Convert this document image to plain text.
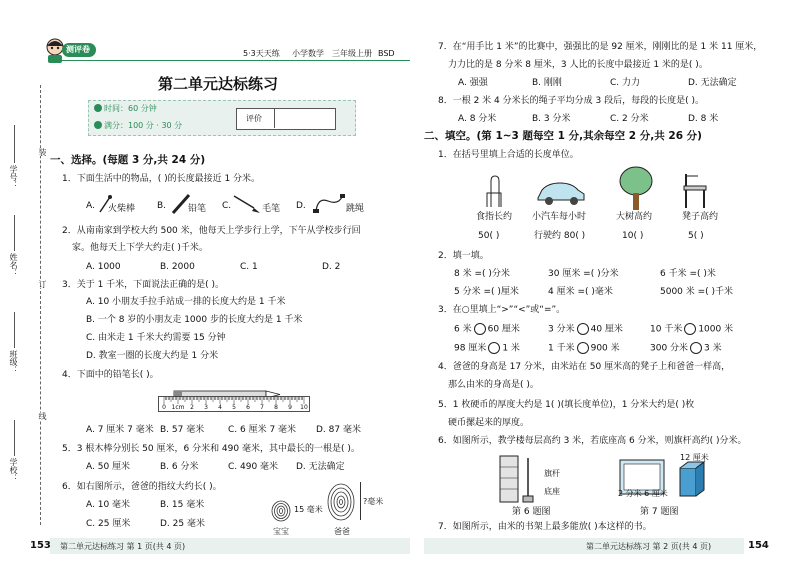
学校：
班级：
姓名：
学号：
装
订
线
测评卷	5·3天天练 小学数学 三年级上册 BSD
第二单元达标练习
时间：60 分钟
满分：100 分 · 30 分
评价
一、选择。(每题 3 分,共 24 分)
1．下面生活中的物品，( )的长度最接近 1 分米。
A. 火柴棒 B. 铅笔 C.	毛笔 D.	跳绳
2．从南南家到学校大约 500 米，他每天上学步行上学，下午从学校步行回
家。他每天上下学大约走( )千米。
A. 1000	B. 2000	C. 1	D. 2
3．关于 1 千米，下面说法正确的是( )。
A. 10 小朋友手拉手站成一排的长度大约是 1 千米
B. 一个 8 岁的小朋友走 1000 步的长度大约是 1 千米
C. 由米走 1 千米大约需要 15 分钟
D. 教室一圈的长度大约是 1 分米
4．下面中的铅笔长( )。
0 1cm 2 3 4 5 6 7 8 9 10
A. 7 厘米 7 毫米 B. 57 毫米	C. 6 厘米 7 毫米 D. 87 毫米
5．3 根木棒分别长 50 厘米，6 分米和 490 毫米，其中最长的一根是( )。
A. 50 厘米	B. 6 分米	C. 490 毫米 D. 无法确定
6．如右图所示，爸爸的指纹大约长( )。
A. 10 毫米	B. 15 毫米
C. 25 厘米	D. 25 毫米
15 毫米
宝宝
?毫米
爸爸
153 第二单元达标练习 第 1 页(共 4 页)
7．在“用手比 1 米”的比赛中，强强比的是 92 厘米，刚刚比的是 1 米 11 厘米，
力力比的是 8 分米 8 厘米，3 人比的长度中最接近 1 米的是( )。
A. 强强	B. 刚刚	C. 力力	D. 无法确定
8．一根 2 米 4 分米长的绳子平均分成 3 段后，每段的长度是( )。
A. 8 分米	B. 3 分米	C. 2 分米	D. 8 米
二、填空。(第 1~3 题每空 1 分,其余每空 2 分,共 26 分)
1．在括号里填上合适的长度单位。
食指长约 小汽车每小时	大树高约	凳子高约
50( )	行驶约 80( )	10( )	5( )
2．填一填。
8 米 =( )分米	30 厘米 =( )分米	6 千米 =( )米
5 分米 =( )厘米	4 厘米 =( )毫米	5000 米 =( )千米
3．在○里填上“>”“<”或“=”。
6 米 60 厘米	3 分米 40 厘米	10 千米 1000 米
98 厘米 1 米	1 千米 900 米	300 分米 3 米
4．爸爸的身高是 17 分米，由米站在 50 厘米高的凳子上和爸爸一样高，
那么由米的身高是( )。
5．1 枚硬币的厚度大约是 1( )(填长度单位)，1 分米大约是( )枚
硬币摞起来的厚度。
6．如图所示，教学楼每层高约 3 米，若底座高 6 分米，则旗杆高约( )分米。
旗杆
底座
第 6 题图
2 分米 6 厘米
12 厘米
第 7 题图
7．如图所示，由米的书架上最多能放( )本这样的书。
第二单元达标练习 第 2 页(共 4 页)	154
